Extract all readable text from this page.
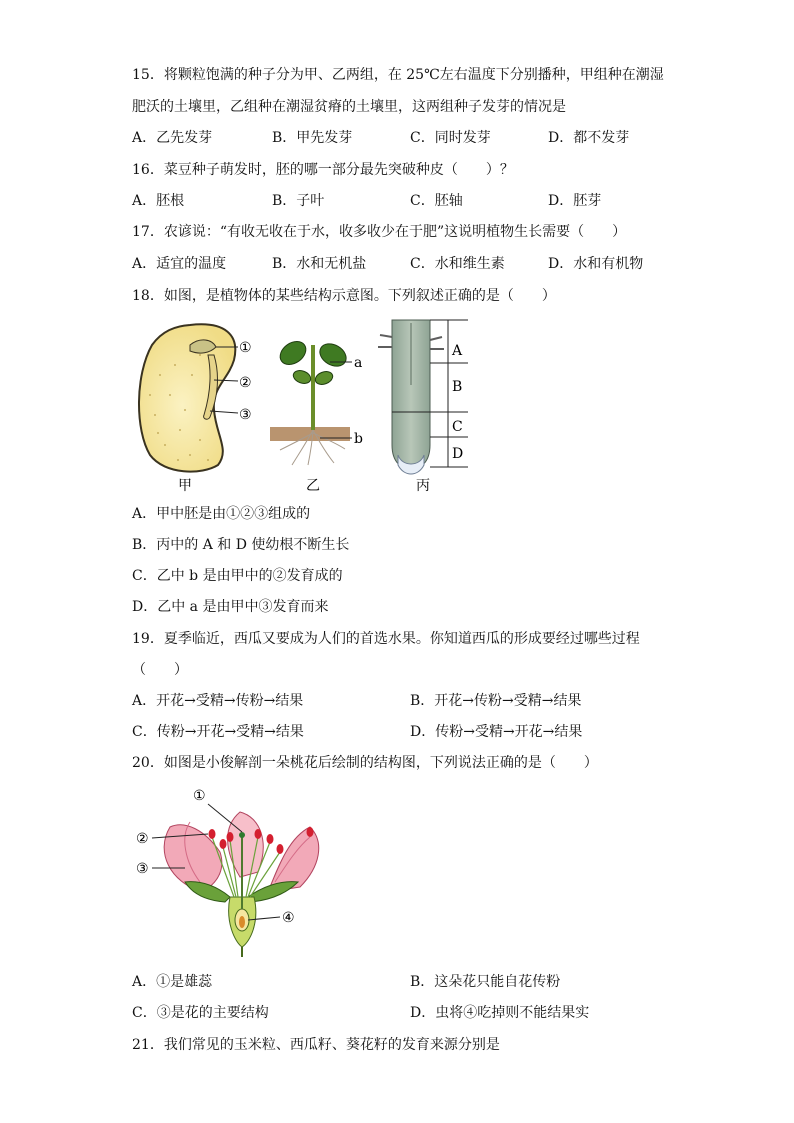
15．将颗粒饱满的种子分为甲、乙两组，在 25℃左右温度下分别播种，甲组种在潮湿
肥沃的土壤里，乙组种在潮湿贫瘠的土壤里，这两组种子发芽的情况是
A．乙先发芽	B．甲先发芽	C．同时发芽	D．都不发芽
16．菜豆种子萌发时，胚的哪一部分最先突破种皮（　　）？
A．胚根	B．子叶	C．胚轴	D．胚芽
17．农谚说：“有收无收在于水，收多收少在于肥”这说明植物生长需要（　　）
A．适宜的温度	B．水和无机盐	C．水和维生素	D．水和有机物
18．如图，是植物体的某些结构示意图。下列叙述正确的是（　　）
①
②
③
甲
a
b
乙
A
B
C
D
丙
A．甲中胚是由①②③组成的
B．丙中的 A 和 D 使幼根不断生长
C．乙中 b 是由甲中的②发育成的
D．乙中 a 是由甲中③发育而来
19．夏季临近，西瓜又要成为人们的首选水果。你知道西瓜的形成要经过哪些过程
（　　）
A．开花→受精→传粉→结果	B．开花→传粉→受精→结果
C．传粉→开花→受精→结果	D．传粉→受精→开花→结果
20．如图是小俊解剖一朵桃花后绘制的结构图，下列说法正确的是（　　）
①
②
③
④
A．①是雄蕊	B．这朵花只能自花传粉
C．③是花的主要结构	D．虫将④吃掉则不能结果实
21．我们常见的玉米粒、西瓜籽、葵花籽的发育来源分别是
